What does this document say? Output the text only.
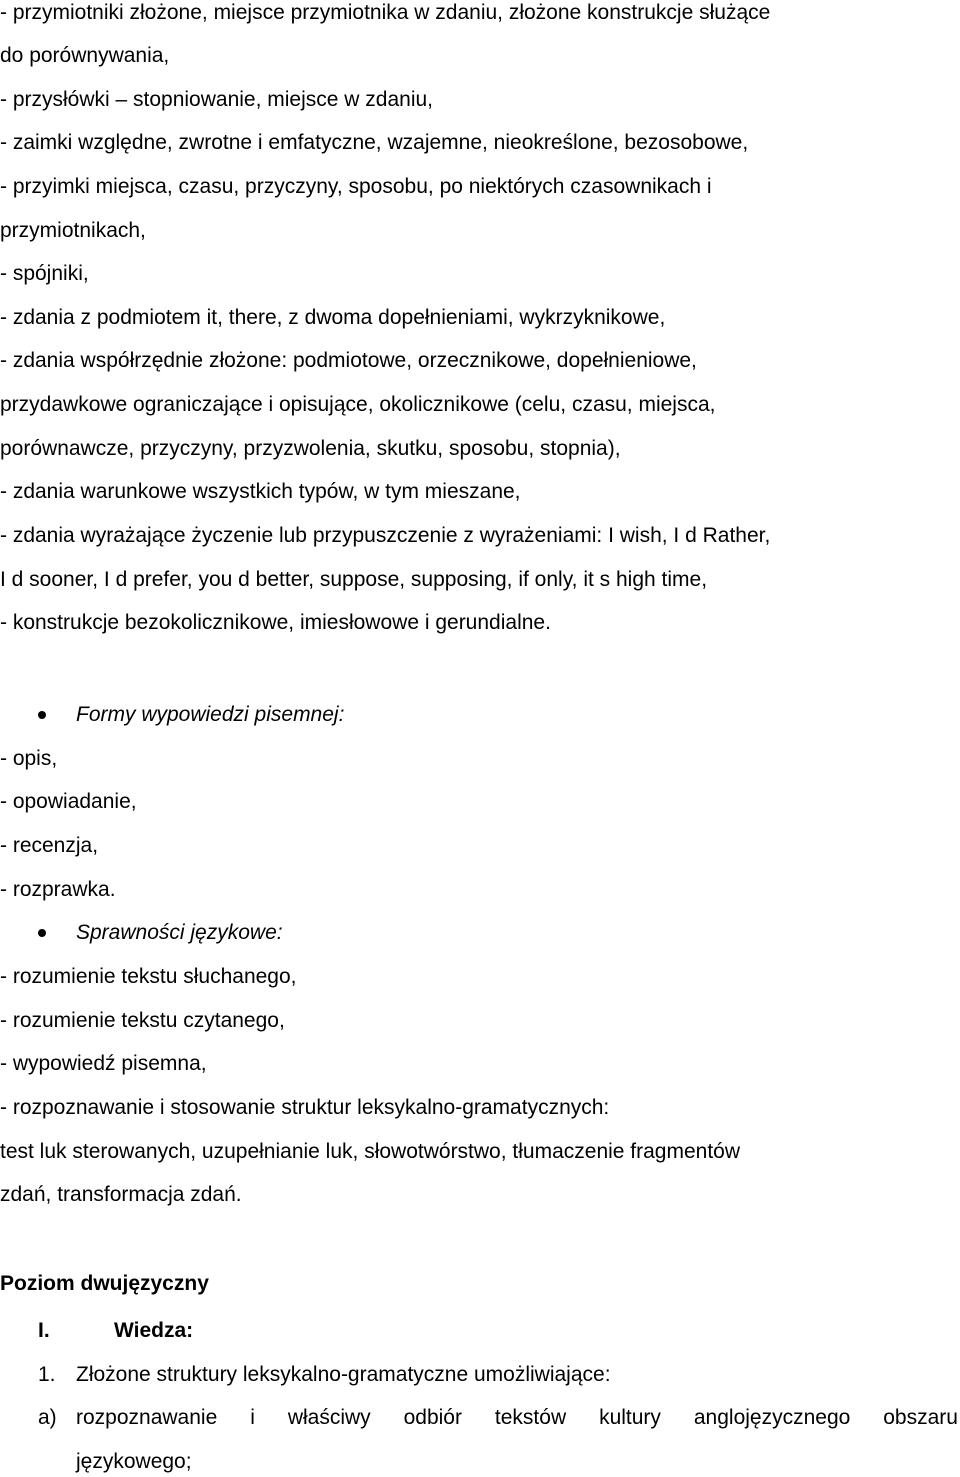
- przymiotniki złożone, miejsce przymiotnika w zdaniu, złożone konstrukcje służące
do porównywania,
- przysłówki – stopniowanie, miejsce w zdaniu,
- zaimki względne, zwrotne i emfatyczne, wzajemne, nieokreślone, bezosobowe,
- przyimki miejsca, czasu, przyczyny, sposobu, po niektórych czasownikach i
przymiotnikach,
- spójniki,
- zdania z podmiotem it, there, z dwoma dopełnieniami, wykrzyknikowe,
- zdania współrzędnie złożone: podmiotowe, orzecznikowe, dopełnieniowe,
przydawkowe ograniczające i opisujące, okolicznikowe (celu, czasu, miejsca,
porównawcze, przyczyny, przyzwolenia, skutku, sposobu, stopnia),
- zdania warunkowe wszystkich typów, w tym mieszane,
- zdania wyrażające życzenie lub przypuszczenie z wyrażeniami: I wish, I d Rather,
I d sooner, I d prefer, you d better, suppose, supposing, if only, it s high time,
- konstrukcje bezokolicznikowe, imiesłowowe i gerundialne.
Formy wypowiedzi pisemnej:
- opis,
- opowiadanie,
- recenzja,
- rozprawka.
Sprawności językowe:
- rozumienie tekstu słuchanego,
- rozumienie tekstu czytanego,
- wypowiedź pisemna,
- rozpoznawanie i stosowanie struktur leksykalno-gramatycznych:
test luk sterowanych, uzupełnianie luk, słowotwórstwo, tłumaczenie fragmentów
zdań, transformacja zdań.
Poziom dwujęzyczny
I.	Wiedza:
1. Złożone struktury leksykalno-gramatyczne umożliwiające:
a) rozpoznawanie i właściwy odbiór tekstów kultury anglojęzycznego obszaru
językowego;
